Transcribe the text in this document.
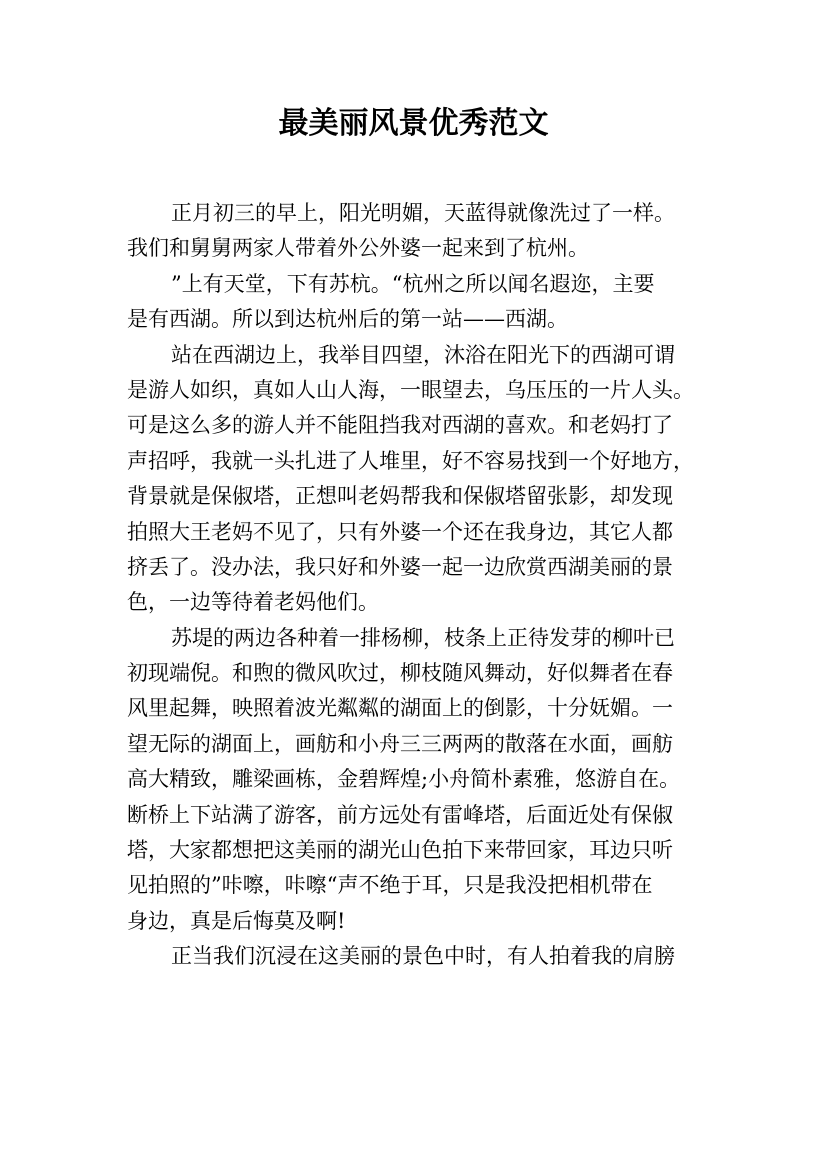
最美丽风景优秀范文
正月初三的早上，阳光明媚，天蓝得就像洗过了一样。
我们和舅舅两家人带着外公外婆一起来到了杭州。
”上有天堂，下有苏杭。“杭州之所以闻名遐迩，主要
是有西湖。所以到达杭州后的第一站——西湖。
站在西湖边上，我举目四望，沐浴在阳光下的西湖可谓
是游人如织，真如人山人海，一眼望去，乌压压的一片人头。
可是这么多的游人并不能阻挡我对西湖的喜欢。和老妈打了
声招呼，我就一头扎进了人堆里，好不容易找到一个好地方，
背景就是保俶塔，正想叫老妈帮我和保俶塔留张影，却发现
拍照大王老妈不见了，只有外婆一个还在我身边，其它人都
挤丢了。没办法，我只好和外婆一起一边欣赏西湖美丽的景
色，一边等待着老妈他们。
苏堤的两边各种着一排杨柳，枝条上正待发芽的柳叶已
初现端倪。和煦的微风吹过，柳枝随风舞动，好似舞者在春
风里起舞，映照着波光粼粼的湖面上的倒影，十分妩媚。一
望无际的湖面上，画舫和小舟三三两两的散落在水面，画舫
高大精致，雕梁画栋，金碧辉煌;小舟简朴素雅，悠游自在。
断桥上下站满了游客，前方远处有雷峰塔，后面近处有保俶
塔，大家都想把这美丽的湖光山色拍下来带回家，耳边只听
见拍照的”咔嚓，咔嚓“声不绝于耳，只是我没把相机带在
身边，真是后悔莫及啊!
正当我们沉浸在这美丽的景色中时，有人拍着我的肩膀
